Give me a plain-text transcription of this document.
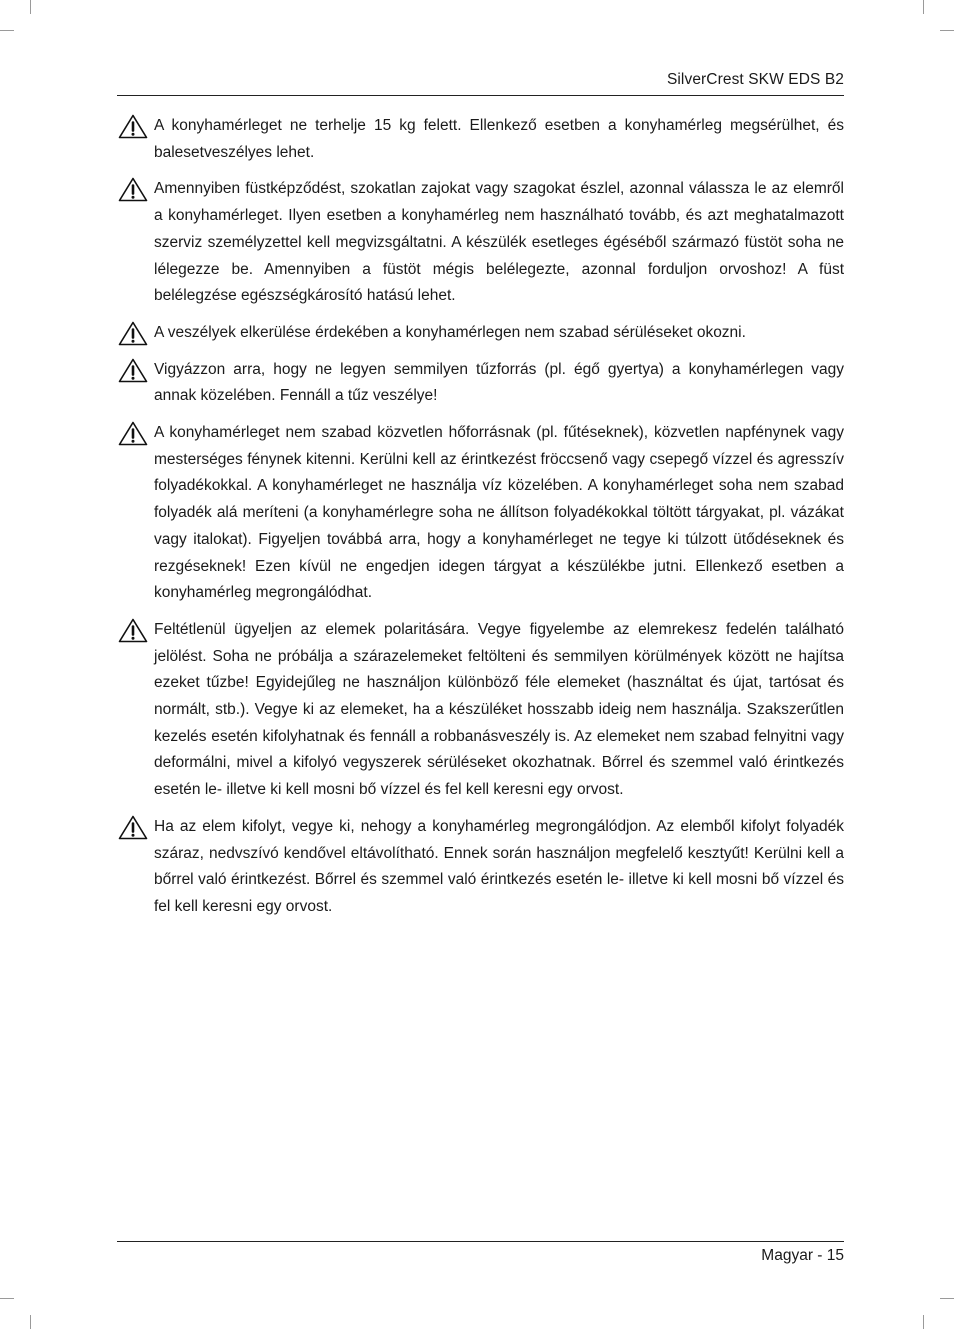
SilverCrest SKW EDS B2
A konyhamérleget ne terhelje 15 kg felett. Ellenkező esetben a konyhamérleg megsérülhet, és balesetveszélyes lehet.
Amennyiben füstképződést, szokatlan zajokat vagy szagokat észlel, azonnal válassza le az elemről a konyhamérleget. Ilyen esetben a konyhamérleg nem használható tovább, és azt meghatalmazott szerviz személyzettel kell megvizsgáltatni. A készülék esetleges égéséből származó füstöt soha ne lélegezze be. Amennyiben a füstöt mégis belélegezte, azonnal forduljon orvoshoz! A füst belélegzése egészségkárosító hatású lehet.
A veszélyek elkerülése érdekében a konyhamérlegen nem szabad sérüléseket okozni.
Vigyázzon arra, hogy ne legyen semmilyen tűzforrás (pl. égő gyertya) a konyhamérlegen vagy annak közelében. Fennáll a tűz veszélye!
A konyhamérleget nem szabad közvetlen hőforrásnak (pl. fűtéseknek), közvetlen napfénynek vagy mesterséges fénynek kitenni. Kerülni kell az érintkezést fröccsenő vagy csepegő vízzel és agresszív folyadékokkal. A konyhamérleget ne használja víz közelében. A konyhamérleget soha nem szabad folyadék alá meríteni (a konyhamérlegre soha ne állítson folyadékokkal töltött tárgyakat, pl. vázákat vagy italokat). Figyeljen továbbá arra, hogy a konyhamérleget ne tegye ki túlzott ütődéseknek és rezgéseknek! Ezen kívül ne engedjen idegen tárgyat a készülékbe jutni. Ellenkező esetben a konyhamérleg megrongálódhat.
Feltétlenül ügyeljen az elemek polaritására. Vegye figyelembe az elemrekesz fedelén található jelölést. Soha ne próbálja a szárazelemeket feltölteni és semmilyen körülmények között ne hajítsa ezeket tűzbe! Egyidejűleg ne használjon különböző féle elemeket (használtat és újat, tartósat és normált, stb.). Vegye ki az elemeket, ha a készüléket hosszabb ideig nem használja. Szakszerűtlen kezelés esetén kifolyhatnak és fennáll a robbanásveszély is. Az elemeket nem szabad felnyitni vagy deformálni, mivel a kifolyó vegyszerek sérüléseket okozhatnak. Bőrrel és szemmel való érintkezés esetén le- illetve ki kell mosni bő vízzel és fel kell keresni egy orvost.
Ha az elem kifolyt, vegye ki, nehogy a konyhamérleg megrongálódjon. Az elemből kifolyt folyadék száraz, nedvszívó kendővel eltávolítható. Ennek során használjon megfelelő kesztyűt! Kerülni kell a bőrrel való érintkezést. Bőrrel és szemmel való érintkezés esetén le- illetve ki kell mosni bő vízzel és fel kell keresni egy orvost.
Magyar - 15
